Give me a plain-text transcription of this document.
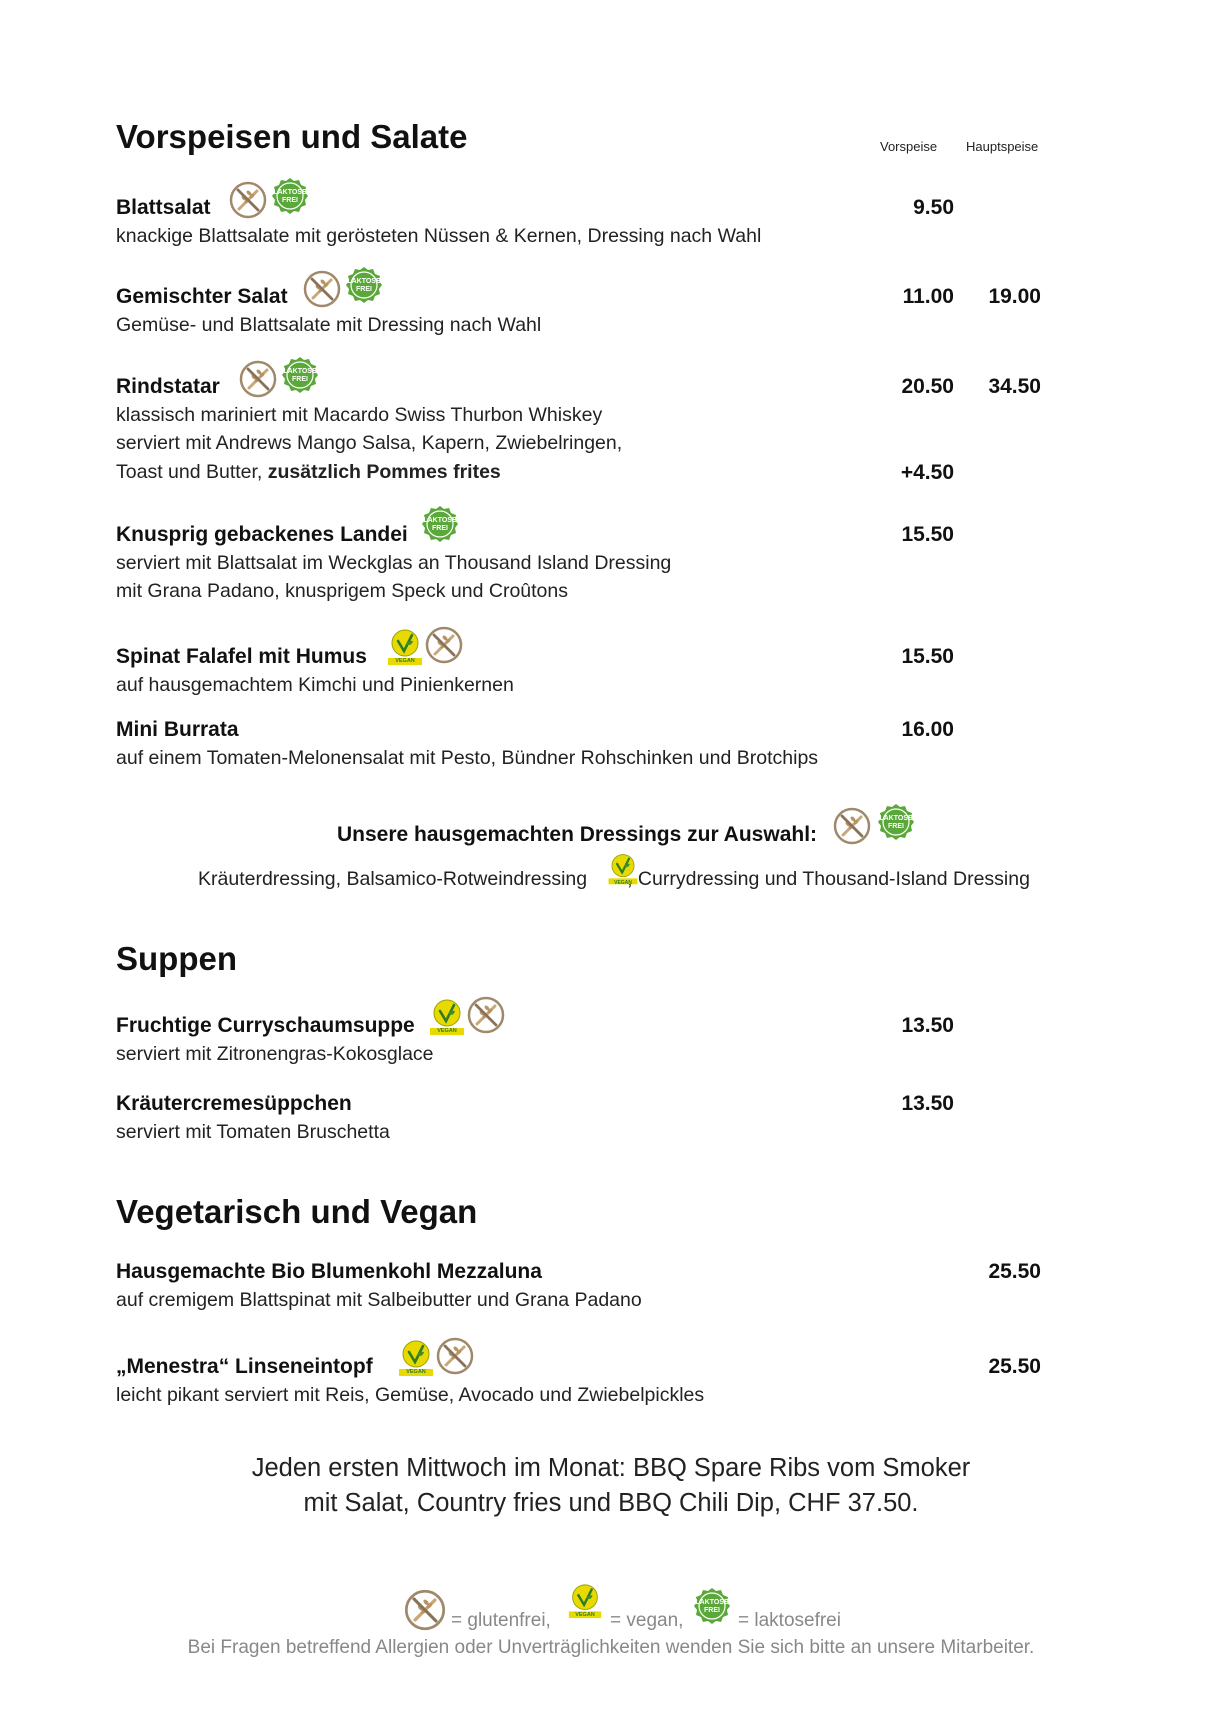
Vorspeise Hauptspeise
Vorspeisen und Salate
Blattsalat
LAKTOSE FREI
knackige Blattsalate mit gerösteten Nüssen & Kernen, Dressing nach Wahl
9.50
Gemischter Salat
LAKTOSE FREI
Gemüse- und Blattsalate mit Dressing nach Wahl
11.00	19.00
Rindstatar
LAKTOSE FREI
klassisch mariniert mit Macardo Swiss Thurbon Whiskey
serviert mit Andrews Mango Salsa, Kapern, Zwiebelringen,
Toast und Butter, zusätzlich Pommes frites
20.50	34.50
+4.50
Knusprig gebackenes Landei
LAKTOSE FREI
serviert mit Blattsalat im Weckglas an Thousand Island Dressing
mit Grana Padano, knusprigem Speck und Croûtons
15.50
Spinat Falafel mit Humus	VEGAN
auf hausgemachtem Kimchi und Pinienkernen
15.50
Mini Burrata
auf einem Tomaten-Melonensalat mit Pesto, Bündner Rohschinken und Brotchips
16.00
Unsere hausgemachten Dressings zur Auswahl:
LAKTOSE FREI
Kräuterdressing, Balsamico-Rotweindressing , Currydressing und Thousand-Island Dressing
VEGAN
Suppen
Fruchtige Curryschaumsuppe	VEGAN
serviert mit Zitronengras-Kokosglace
13.50
Kräutercremesüppchen
serviert mit Tomaten Bruschetta
13.50
Vegetarisch und Vegan
Hausgemachte Bio Blumenkohl Mezzaluna
auf cremigem Blattspinat mit Salbeibutter und Grana Padano
25.50
„Menestra“ Linseneintopf	VEGAN
leicht pikant serviert mit Reis, Gemüse, Avocado und Zwiebelpickles
25.50
Jeden ersten Mittwoch im Monat: BBQ Spare Ribs vom Smoker
mit Salat, Country fries und BBQ Chili Dip, CHF 37.50.
= glutenfrei,	VEGAN = vegan,
LAKTOSE FREI = laktosefrei
Bei Fragen betreffend Allergien oder Unverträglichkeiten wenden Sie sich bitte an unsere Mitarbeiter.
